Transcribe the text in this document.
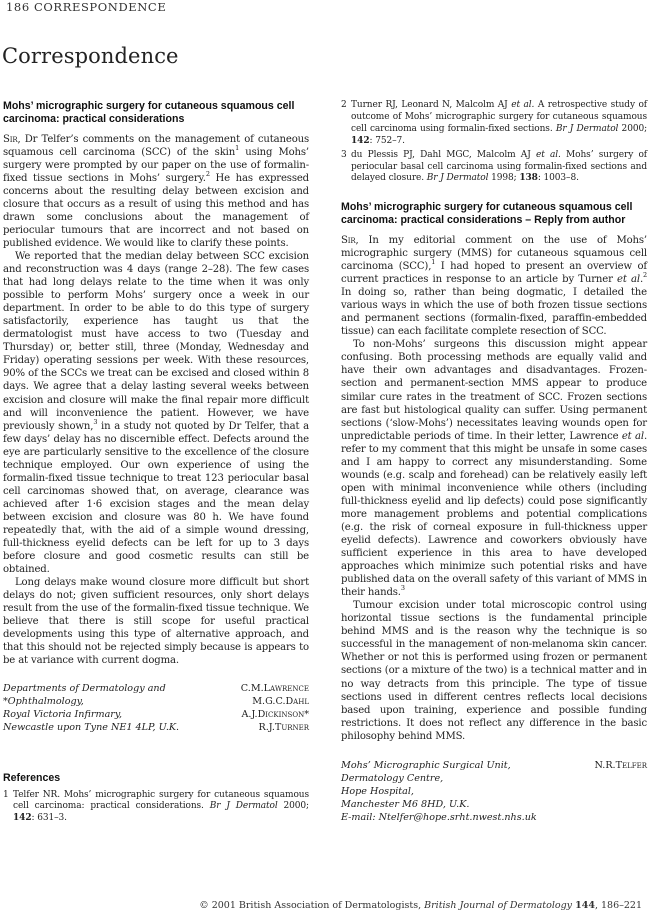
186 CORRESPONDENCE
Correspondence
Mohs’ micrographic surgery for cutaneous squamous cell carcinoma: practical considerations

Sir, Dr Telfer’s comments on the management of cutaneous squamous cell carcinoma (SCC) of the skin$^1$ using Mohs’ surgery were prompted by our paper on the use of formalin-fixed tissue sections in Mohs’ surgery.$^2$ He has expressed concerns about the resulting delay between excision and closure that occurs as a result of using this method and has drawn some conclusions about the management of periocular tumours that are incorrect and not based on published evidence. We would like to clarify these points.

We reported that the median delay between SCC excision and reconstruction was 4 days (range 2–28). The few cases that had long delays relate to the time when it was only possible to perform Mohs’ surgery once a week in our department. In order to be able to do this type of surgery satisfactorily, experience has taught us that the dermatologist must have access to two (Tuesday and Thursday) or, better still, three (Monday, Wednesday and Friday) operating sessions per week. With these resources, 90% of the SCCs we treat can be excised and closed within 8 days. We agree that a delay lasting several weeks between excision and closure will make the final repair more difficult and will inconvenience the patient. However, we have previously shown,$^3$ in a study not quoted by Dr Telfer, that a few days’ delay has no discernible effect. Defects around the eye are particularly sensitive to the excellence of the closure technique employed. Our own experience of using the formalin-fixed tissue technique to treat 123 periocular basal cell carcinomas showed that, on average, clearance was achieved after 1·6 excision stages and the mean delay between excision and closure was 80 h. We have found repeatedly that, with the aid of a simple wound dressing, full-thickness eyelid defects can be left for up to 3 days before closure and good cosmetic results can still be obtained.

Long delays make wound closure more difficult but short delays do not; given sufficient resources, only short delays result from the use of the formalin-fixed tissue technique. We believe that there is still scope for useful practical developments using this type of alternative approach, and that this should not be rejected simply because is appears to be at variance with current dogma.

Departments of Dermatology and	C.M.Lawrence
*Ophthalmology,	M.G.C.Dahl
Royal Victoria Infirmary,	A.J.Dickinson*
Newcastle upon Tyne NE1 4LP, U.K.	R.J.Turner
References
1 Telfer NR. Mohs’ micrographic surgery for cutaneous squamous cell carcinoma: practical considerations. Br J Dermatol 2000; 142: 631–3.
2 Turner RJ, Leonard N, Malcolm AJ et al. A retrospective study of outcome of Mohs’ micrographic surgery for cutaneous squamous cell carcinoma using formalin-fixed sections. Br J Dermatol 2000; 142: 752–7.
3 du Plessis PJ, Dahl MGC, Malcolm AJ et al. Mohs’ surgery of periocular basal cell carcinoma using formalin-fixed sections and delayed closure. Br J Dermatol 1998; 138: 1003–8.
Mohs’ micrographic surgery for cutaneous squamous cell carcinoma: practical considerations – Reply from author

Sir, In my editorial comment on the use of Mohs’ micrographic surgery (MMS) for cutaneous squamous cell carcinoma (SCC),$^1$ I had hoped to present an overview of current practices in response to an article by Turner et al.$^2$ In doing so, rather than being dogmatic, I detailed the various ways in which the use of both frozen tissue sections and permanent sections (formalin-fixed, paraffin-embedded tissue) can each facilitate complete resection of SCC.

To non-Mohs’ surgeons this discussion might appear confusing. Both processing methods are equally valid and have their own advantages and disadvantages. Frozen-section and permanent-section MMS appear to produce similar cure rates in the treatment of SCC. Frozen sections are fast but histological quality can suffer. Using permanent sections (‘slow-Mohs’) necessitates leaving wounds open for unpredictable periods of time. In their letter, Lawrence et al. refer to my comment that this might be unsafe in some cases and I am happy to correct any misunderstanding. Some wounds (e.g. scalp and forehead) can be relatively easily left open with minimal inconvenience while others (including full-thickness eyelid and lip defects) could pose significantly more management problems and potential complications (e.g. the risk of corneal exposure in full-thickness upper eyelid defects). Lawrence and coworkers obviously have sufficient experience in this area to have developed approaches which minimize such potential risks and have published data on the overall safety of this variant of MMS in their hands.$^3$

Tumour excision under total microscopic control using horizontal tissue sections is the fundamental principle behind MMS and is the reason why the technique is so successful in the management of non-melanoma skin cancer. Whether or not this is performed using frozen or permanent sections (or a mixture of the two) is a technical matter and in no way detracts from this principle. The type of tissue sections used in different centres reflects local decisions based upon training, experience and possible funding restrictions. It does not reflect any difference in the basic philosophy behind MMS.

Mohs’ Micrographic Surgical Unit,	N.R.Telfer
Dermatology Centre,
Hope Hospital,
Manchester M6 8HD, U.K.
E-mail: Ntelfer@hope.srht.nwest.nhs.uk
© 2001 British Association of Dermatologists, British Journal of Dermatology 144, 186–221
